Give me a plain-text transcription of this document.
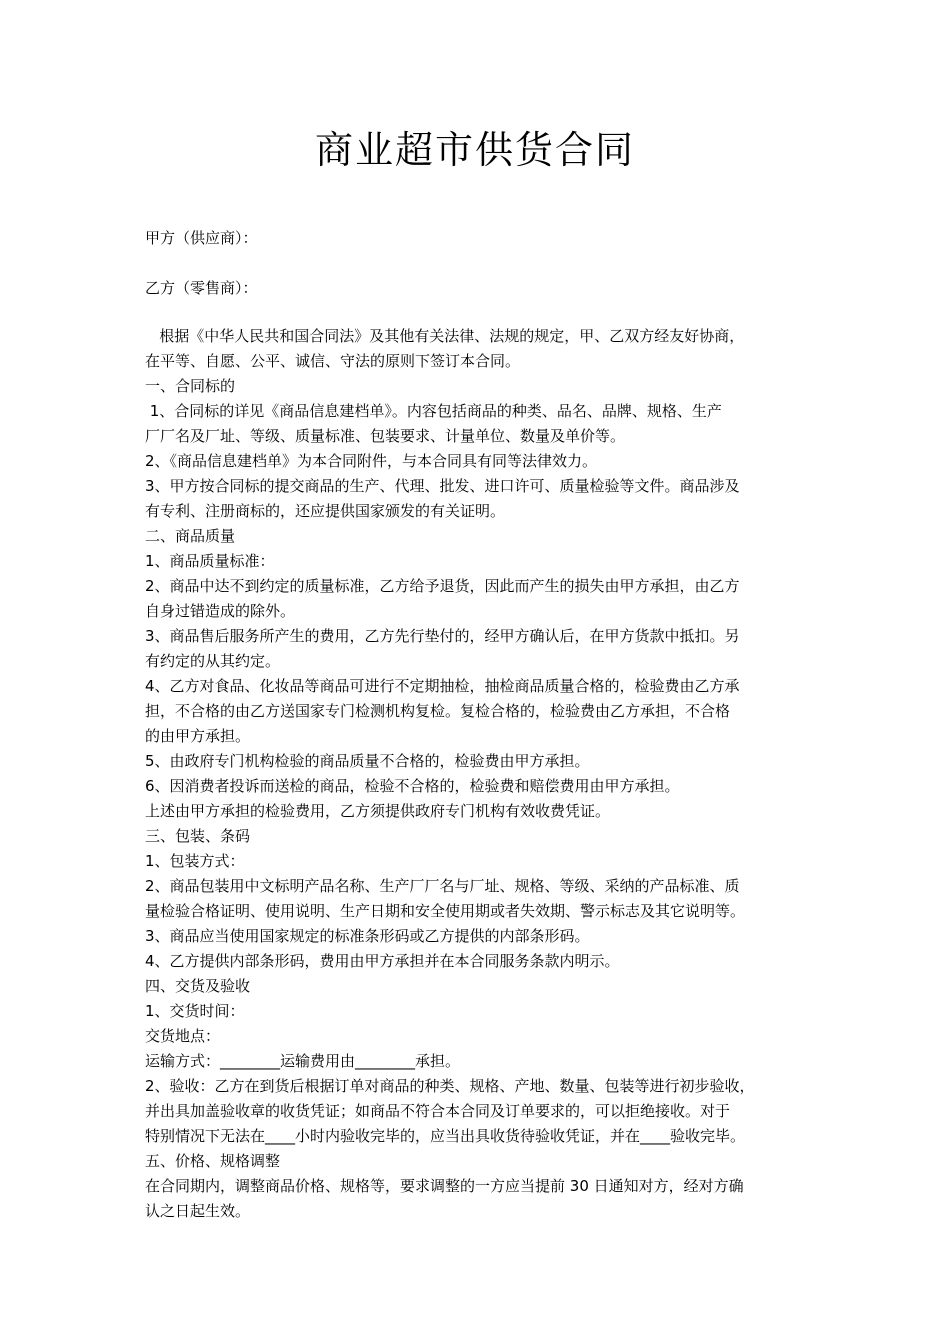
商业超市供货合同
甲方（供应商）：
乙方（零售商）：
根据《中华人民共和国合同法》及其他有关法律、法规的规定，甲、乙双方经友好协商，
在平等、自愿、公平、诚信、守法的原则下签订本合同。
一、合同标的
1、合同标的详见《商品信息建档单》。内容包括商品的种类、品名、品牌、规格、生产
厂厂名及厂址、等级、质量标准、包装要求、计量单位、数量及单价等。
2、《商品信息建档单》为本合同附件，与本合同具有同等法律效力。
3、甲方按合同标的提交商品的生产、代理、批发、进口许可、质量检验等文件。商品涉及
有专利、注册商标的，还应提供国家颁发的有关证明。
二、商品质量
1、商品质量标准：
2、商品中达不到约定的质量标准，乙方给予退货，因此而产生的损失由甲方承担，由乙方
自身过错造成的除外。
3、商品售后服务所产生的费用，乙方先行垫付的，经甲方确认后，在甲方货款中抵扣。另
有约定的从其约定。
4、乙方对食品、化妆品等商品可进行不定期抽检，抽检商品质量合格的，检验费由乙方承
担，不合格的由乙方送国家专门检测机构复检。复检合格的，检验费由乙方承担，不合格
的由甲方承担。
5、由政府专门机构检验的商品质量不合格的，检验费由甲方承担。
6、因消费者投诉而送检的商品，检验不合格的，检验费和赔偿费用由甲方承担。
上述由甲方承担的检验费用，乙方须提供政府专门机构有效收费凭证。
三、包装、条码
1、包装方式：
2、商品包装用中文标明产品名称、生产厂厂名与厂址、规格、等级、采纳的产品标准、质
量检验合格证明、使用说明、生产日期和安全使用期或者失效期、警示标志及其它说明等。
3、商品应当使用国家规定的标准条形码或乙方提供的内部条形码。
4、乙方提供内部条形码，费用由甲方承担并在本合同服务条款内明示。
四、交货及验收
1、交货时间：
交货地点：
运输方式：________运输费用由________承担。
2、验收：乙方在到货后根据订单对商品的种类、规格、产地、数量、包装等进行初步验收，
并出具加盖验收章的收货凭证；如商品不符合本合同及订单要求的，可以拒绝接收。对于
特别情况下无法在____小时内验收完毕的，应当出具收货待验收凭证，并在____验收完毕。
五、价格、规格调整
在合同期内，调整商品价格、规格等，要求调整的一方应当提前 30 日通知对方，经对方确
认之日起生效。
